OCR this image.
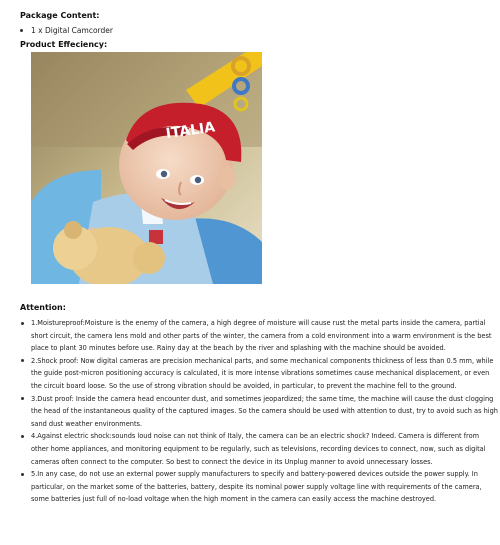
Package Content:
1 x Digital Camcorder
Product Effeciency:
ITALIA
Attention:
1.Moistureproof:Moisture is the enemy of the camera, a high degree of moisture will cause rust the metal parts inside the camera, partial short circuit, the camera lens mold and other parts of the winter, the camera from a cold environment into a warm environment is the best place to plant 30 minutes before use. Rainy day at the beach by the river and splashing with the machine should be avoided.
2.Shock proof: Now digital cameras are precision mechanical parts, and some mechanical components thickness of less than 0.5 mm, while the guide post-micron positioning accuracy is calculated, it is more intense vibrations sometimes cause mechanical displacement, or even the circuit board loose. So the use of strong vibration should be avoided, in particular, to prevent the machine fell to the ground.
3.Dust proof: Inside the camera head encounter dust, and sometimes jeopardized; the same time, the machine will cause the dust clogging the head of the instantaneous quality of the captured images. So the camera should be used with attention to dust, try to avoid such as high sand dust weather environments.
4.Against electric shock:sounds loud noise can not think of Italy, the camera can be an electric shock? Indeed. Camera is different from other home appliances, and monitoring equipment to be regularly, such as televisions, recording devices to connect, now, such as digital cameras often connect to the computer. So best to connect the device in its Unplug manner to avoid unnecessary losses.
5.In any case, do not use an external power supply manufacturers to specify and battery-powered devices outside the power supply. In particular, on the market some of the batteries, battery, despite its nominal power supply voltage line with requirements of the camera, some batteries just full of no-load voltage when the high moment in the camera can easily access the machine destroyed.
